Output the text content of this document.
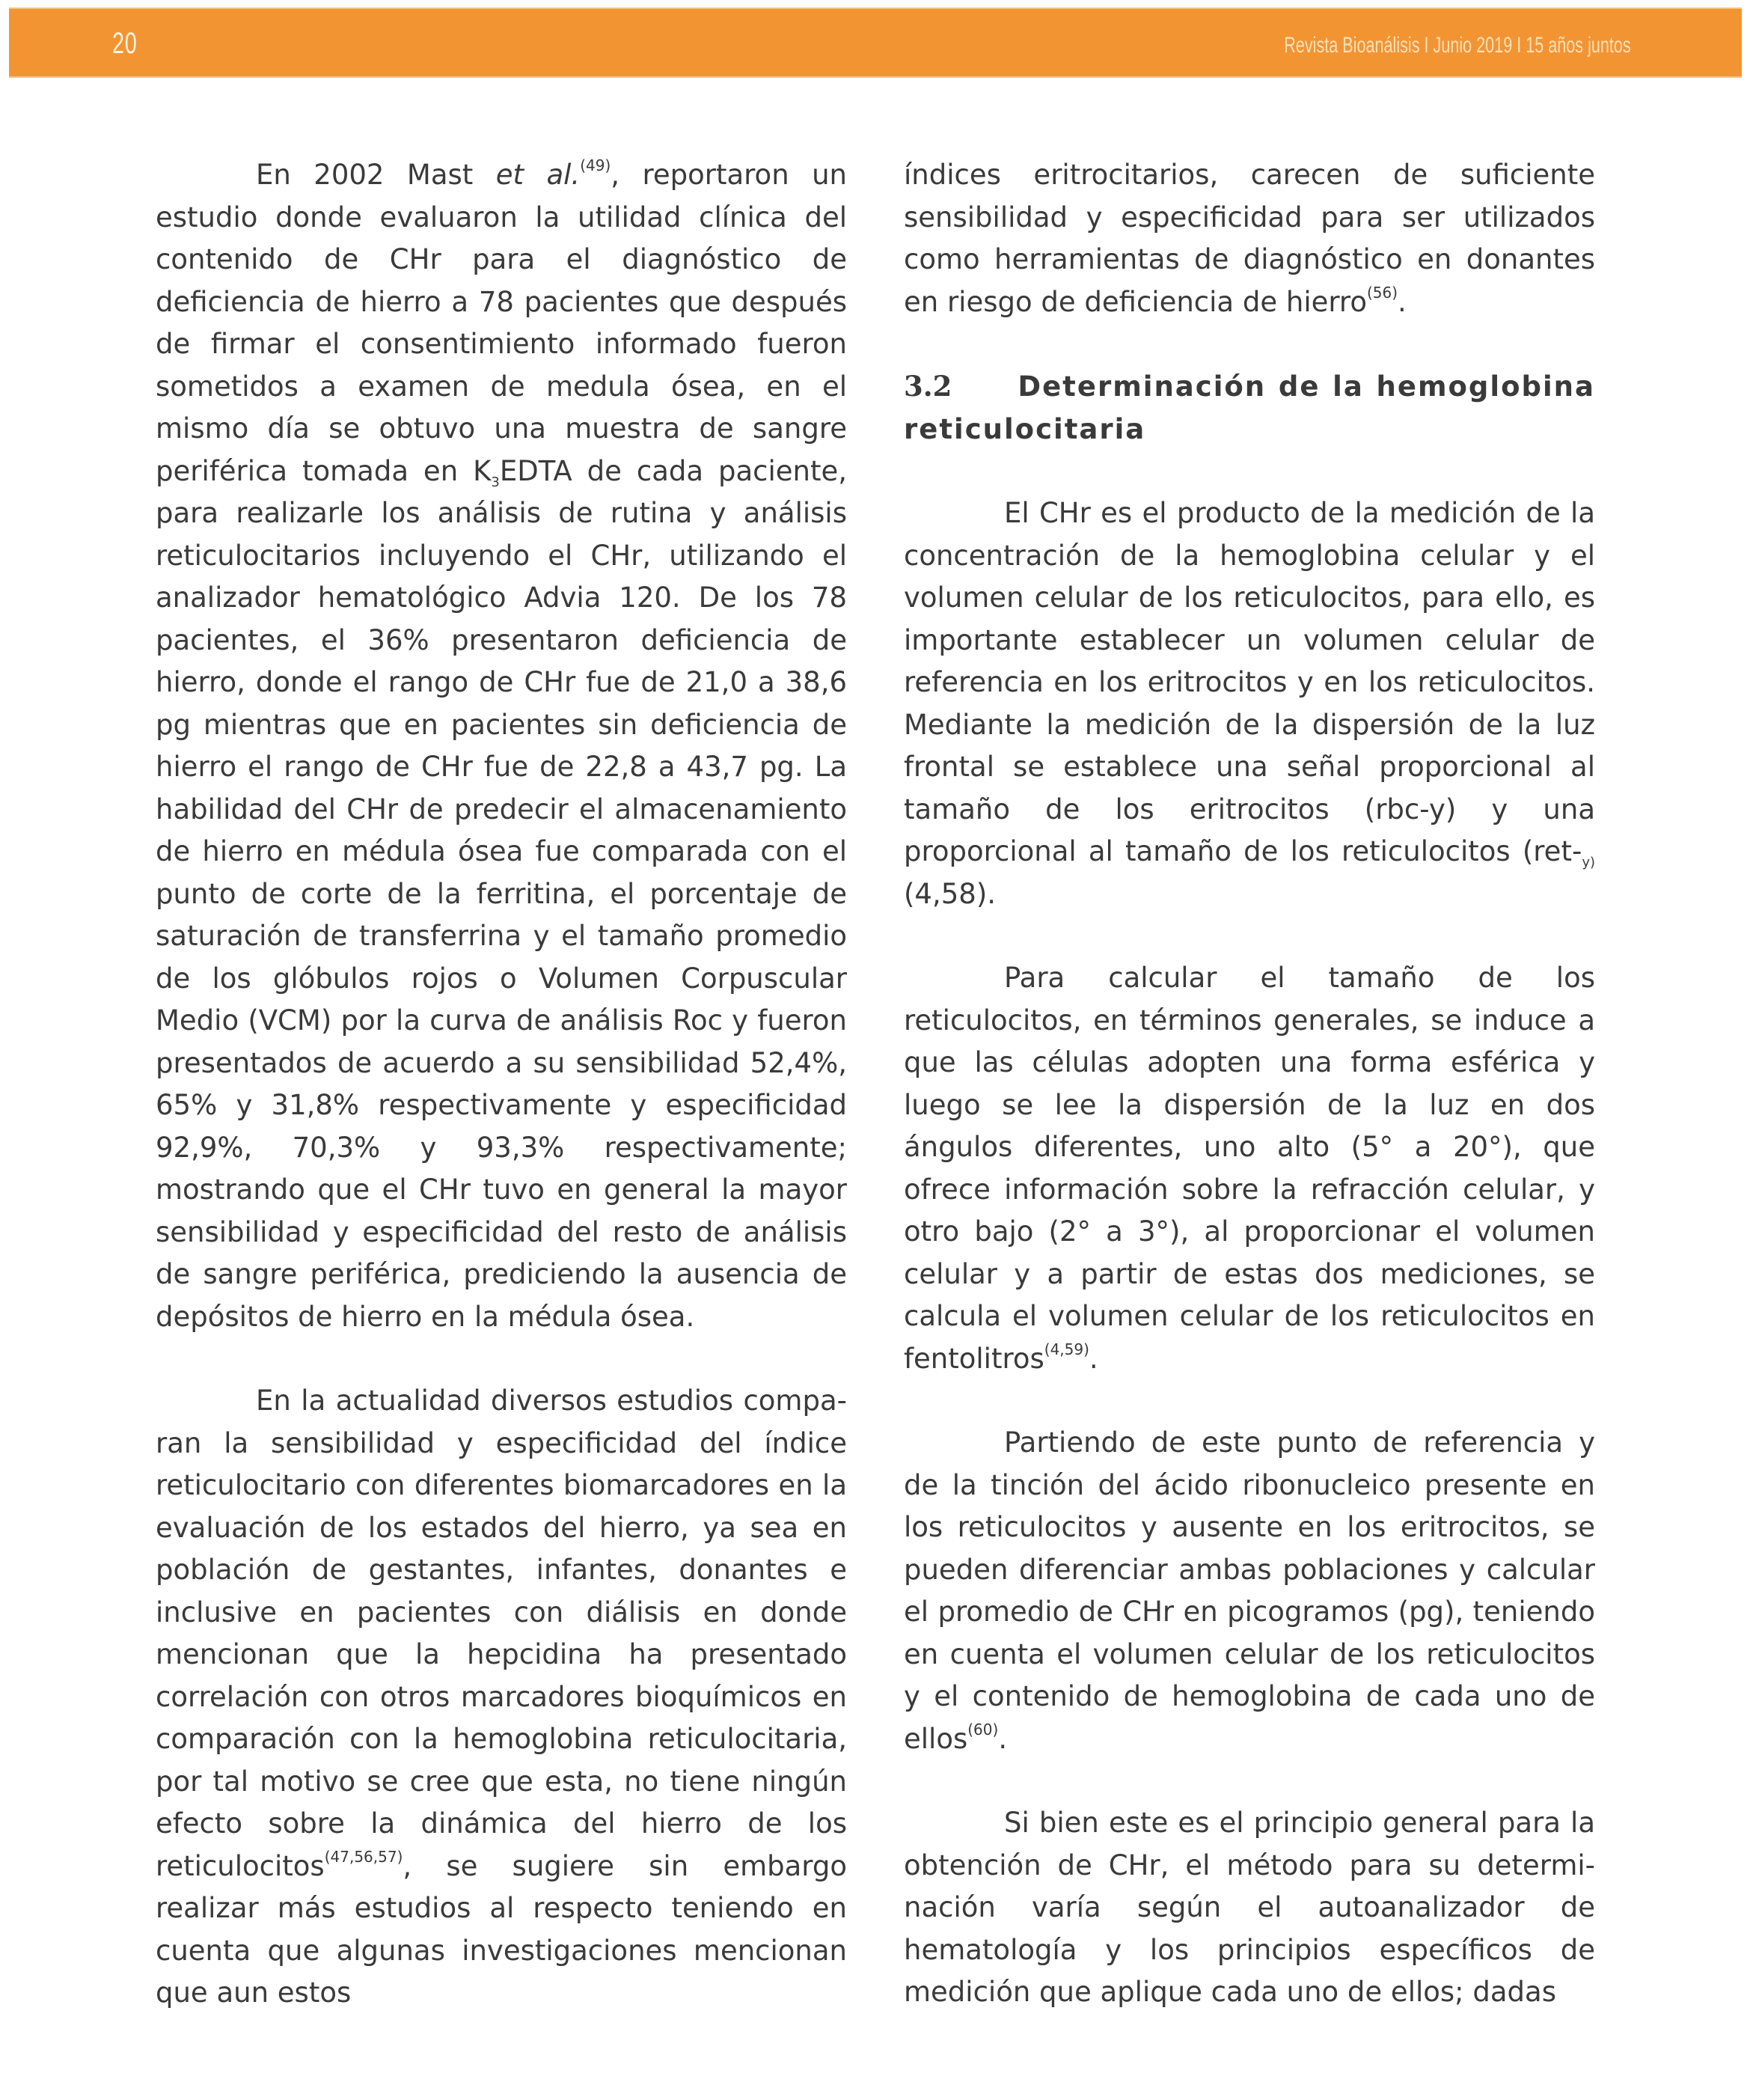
20	Revista Bioanálisis I Junio 2019 I 15 años juntos

En 2002 Mast et al.$^{(49)}$, reportaron un estudio donde evaluaron la utilidad clínica del contenido de CHr para el diagnóstico de deficiencia de hierro a 78 pacientes que después de firmar el consentimiento informado fueron sometidos a examen de medula ósea, en el mismo día se obtuvo una muestra de sangre periférica tomada en $K_3EDTA$ de cada paciente, para realizarle los análisis de rutina y análisis reticulocitarios incluyendo el CHr, utilizando el analizador hematológico Advia 120. De los 78 pacientes, el 36% presentaron deficiencia de hierro, donde el rango de CHr fue de 21,0 a 38,6 pg mientras que en pacientes sin deficiencia de hierro el rango de CHr fue de 22,8 a 43,7 pg. La habilidad del CHr de predecir el almacenamiento de hierro en médula ósea fue comparada con el punto de corte de la ferritina, el porcentaje de saturación de transferrina y el tamaño promedio de los glóbulos rojos o Volumen Corpuscular Medio (VCM) por la curva de análisis Roc y fueron presentados de acuerdo a su sensibilidad 52,4%, 65% y 31,8% respectivamente y especificidad 92,9%, 70,3% y 93,3% respectivamente; mostrando que el CHr tuvo en general la mayor sensibilidad y especificidad del resto de análisis de sangre periférica, prediciendo la ausencia de depósitos de hierro en la médula ósea.

En la actualidad diversos estudios comparan la sensibilidad y especificidad del índice reticulocitario con diferentes biomarcadores en la evaluación de los estados del hierro, ya sea en población de gestantes, infantes, donantes e inclusive en pacientes con diálisis en donde mencionan que la hepcidina ha presentado correlación con otros marcadores bioquímicos en comparación con la hemoglobina reticulocitaria, por tal motivo se cree que esta, no tiene ningún efecto sobre la dinámica del hierro de los reticulocitos$^{(47,56,57)}$, se sugiere sin embargo realizar más estudios al respecto teniendo en cuenta que algunas investigaciones mencionan que aun estos

índices eritrocitarios, carecen de suficiente sensibilidad y especificidad para ser utilizados como herramientas de diagnóstico en donantes en riesgo de deficiencia de hierro$^{(56)}$.

3.2 Determinación de la hemoglobina reticulocitaria

El CHr es el producto de la medición de la concentración de la hemoglobina celular y el volumen celular de los reticulocitos, para ello, es importante establecer un volumen celular de referencia en los eritrocitos y en los reticulocitos. Mediante la medición de la dispersión de la luz frontal se establece una señal proporcional al tamaño de los eritrocitos (rbc-y) y una proporcional al tamaño de los reticulocitos ($ret-_{y)}(4,58)$.

Para calcular el tamaño de los reticulocitos, en términos generales, se induce a que las células adopten una forma esférica y luego se lee la dispersión de la luz en dos ángulos diferentes, uno alto (5° a 20°), que ofrece información sobre la refracción celular, y otro bajo (2° a 3°), al proporcionar el volumen celular y a partir de estas dos mediciones, se calcula el volumen celular de los reticulocitos en fentolitros$^{(4,59)}$.

Partiendo de este punto de referencia y de la tinción del ácido ribonucleico presente en los reticulocitos y ausente en los eritrocitos, se pueden diferenciar ambas poblaciones y calcular el promedio de CHr en picogramos (pg), teniendo en cuenta el volumen celular de los reticulocitos y el contenido de hemoglobina de cada uno de ellos$^{(60)}$.

Si bien este es el principio general para la obtención de CHr, el método para su determinación varía según el autoanalizador de hematología y los principios específicos de medición que aplique cada uno de ellos; dadas
